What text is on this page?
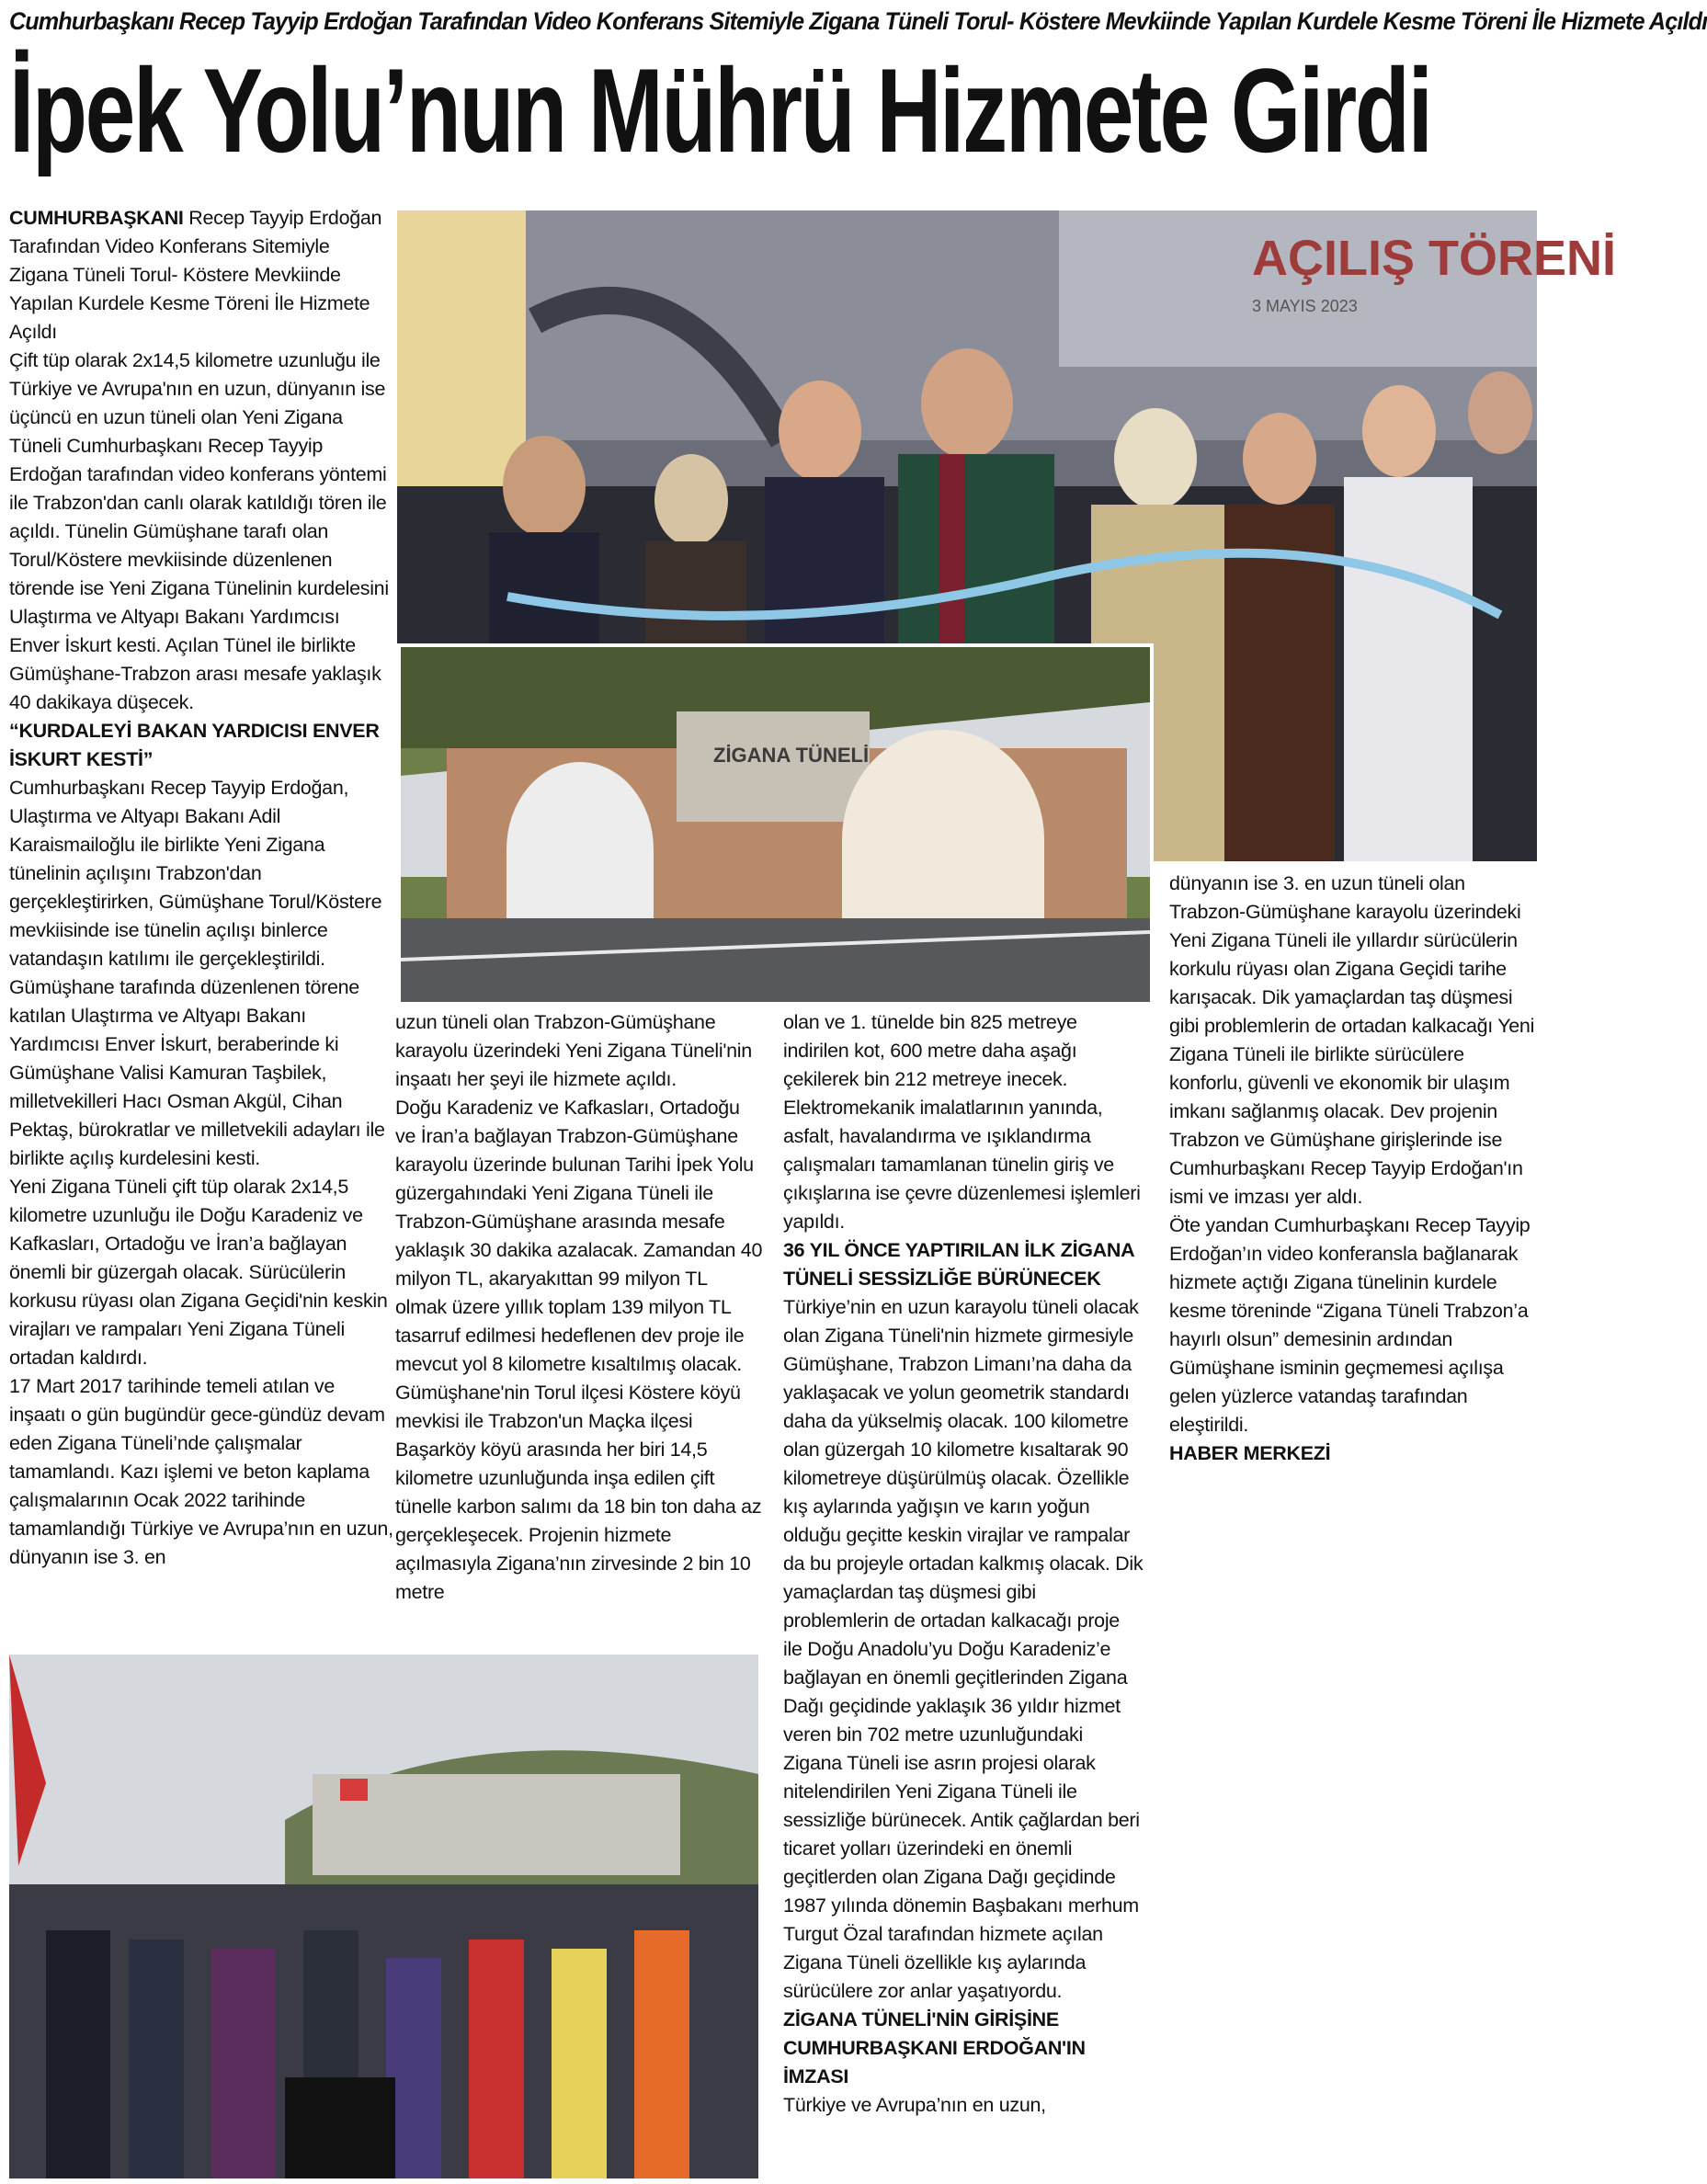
Cumhurbaşkanı Recep Tayyip Erdoğan Tarafından Video Konferans Sitemiyle Zigana Tüneli Torul- Köstere Mevkiinde Yapılan Kurdele Kesme Töreni İle Hizmete Açıldı
İpek Yolu’nun Mührü Hizmete Girdi

CUMHURBAŞKANI Recep Tayyip Erdoğan Tarafından Video Konferans Sitemiyle Zigana Tüneli Torul- Köstere Mevkiinde Yapılan Kurdele Kesme Töreni İle Hizmete Açıldı

Çift tüp olarak 2x14,5 kilometre uzunluğu ile Türkiye ve Avrupa'nın en uzun, dünyanın ise üçüncü en uzun tüneli olan Yeni Zigana Tüneli Cumhurbaşkanı Recep Tayyip Erdoğan tarafından video konferans yöntemi ile Trabzon'dan canlı olarak katıldığı tören ile açıldı. Tünelin Gümüşhane tarafı olan Torul/Köstere mevkiisinde düzenlenen törende ise Yeni Zigana Tünelinin kurdelesini Ulaştırma ve Altyapı Bakanı Yardımcısı Enver İskurt kesti. Açılan Tünel ile birlikte Gümüşhane-Trabzon arası mesafe yaklaşık 40 dakikaya düşecek.

“KURDALEYİ BAKAN YARDICISI ENVER İSKURT KESTİ”

Cumhurbaşkanı Recep Tayyip Erdoğan, Ulaştırma ve Altyapı Bakanı Adil Karaismailoğlu ile birlikte Yeni Zigana tünelinin açılışını Trabzon'dan gerçekleştirirken, Gümüşhane Torul/Köstere mevkiisinde ise tünelin açılışı binlerce vatandaşın katılımı ile gerçekleştirildi. Gümüşhane tarafında düzenlenen törene katılan Ulaştırma ve Altyapı Bakanı Yardımcısı Enver İskurt, beraberinde ki Gümüşhane Valisi Kamuran Taşbilek, milletvekilleri Hacı Osman Akgül, Cihan Pektaş, bürokratlar ve milletvekili adayları ile birlikte açılış kurdelesini kesti.

Yeni Zigana Tüneli çift tüp olarak 2x14,5 kilometre uzunluğu ile Doğu Karadeniz ve Kafkasları, Ortadoğu ve İran’a bağlayan önemli bir güzergah olacak. Sürücülerin korkusu rüyası olan Zigana Geçidi'nin keskin virajları ve rampaları Yeni Zigana Tüneli ortadan kaldırdı.

17 Mart 2017 tarihinde temeli atılan ve inşaatı o gün bugündür gece-gündüz devam eden Zigana Tüneli’nde çalışmalar tamamlandı. Kazı işlemi ve beton kaplama çalışmalarının Ocak 2022 tarihinde tamamlandığı Türkiye ve Avrupa’nın en uzun, dünyanın ise 3. en

uzun tüneli olan Trabzon-Gümüşhane karayolu üzerindeki Yeni Zigana Tüneli'nin inşaatı her şeyi ile hizmete açıldı.

Doğu Karadeniz ve Kafkasları, Ortadoğu ve İran’a bağlayan Trabzon-Gümüşhane karayolu üzerinde bulunan Tarihi İpek Yolu güzergahındaki Yeni Zigana Tüneli ile Trabzon-Gümüşhane arasında mesafe yaklaşık 30 dakika azalacak. Zamandan 40 milyon TL, akaryakıttan 99 milyon TL olmak üzere yıllık toplam 139 milyon TL tasarruf edilmesi hedeflenen dev proje ile mevcut yol 8 kilometre kısaltılmış olacak. Gümüşhane'nin Torul ilçesi Köstere köyü mevkisi ile Trabzon'un Maçka ilçesi Başarköy köyü arasında her biri 14,5 kilometre uzunluğunda inşa edilen çift tünelle karbon salımı da 18 bin ton daha az gerçekleşecek. Projenin hizmete açılmasıyla Zigana’nın zirvesinde 2 bin 10 metre

olan ve 1. tünelde bin 825 metreye indirilen kot, 600 metre daha aşağı çekilerek bin 212 metreye inecek. Elektromekanik imalatlarının yanında, asfalt, havalandırma ve ışıklandırma çalışmaları tamamlanan tünelin giriş ve çıkışlarına ise çevre düzenlemesi işlemleri yapıldı.

36 YIL ÖNCE YAPTIRILAN İLK ZİGANA TÜNELİ SESSİZLİĞE BÜRÜNECEK

Türkiye’nin en uzun karayolu tüneli olacak olan Zigana Tüneli'nin hizmete girmesiyle Gümüşhane, Trabzon Limanı’na daha da yaklaşacak ve yolun geometrik standardı daha da yükselmiş olacak. 100 kilometre olan güzergah 10 kilometre kısaltarak 90 kilometreye düşürülmüş olacak. Özellikle kış aylarında yağışın ve karın yoğun olduğu geçitte keskin virajlar ve rampalar da bu projeyle ortadan kalkmış olacak. Dik yamaçlardan taş düşmesi gibi problemlerin de ortadan kalkacağı proje ile Doğu Anadolu’yu Doğu Karadeniz’e bağlayan en önemli geçitlerinden Zigana Dağı geçidinde yaklaşık 36 yıldır hizmet veren bin 702 metre uzunluğundaki Zigana Tüneli ise asrın projesi olarak nitelendirilen Yeni Zigana Tüneli ile sessizliğe bürünecek. Antik çağlardan beri ticaret yolları üzerindeki en önemli geçitlerden olan Zigana Dağı geçidinde 1987 yılında dönemin Başbakanı merhum Turgut Özal tarafından hizmete açılan Zigana Tüneli özellikle kış aylarında sürücülere zor anlar yaşatıyordu.

ZİGANA TÜNELİ'NİN GİRİŞİNE CUMHURBAŞKANI ERDOĞAN'IN İMZASI

Türkiye ve Avrupa’nın en uzun,

dünyanın ise 3. en uzun tüneli olan Trabzon-Gümüşhane karayolu üzerindeki Yeni Zigana Tüneli ile yıllardır sürücülerin korkulu rüyası olan Zigana Geçidi tarihe karışacak. Dik yamaçlardan taş düşmesi gibi problemlerin de ortadan kalkacağı Yeni Zigana Tüneli ile birlikte sürücülere konforlu, güvenli ve ekonomik bir ulaşım imkanı sağlanmış olacak. Dev projenin Trabzon ve Gümüşhane girişlerinde ise Cumhurbaşkanı Recep Tayyip Erdoğan'ın ismi ve imzası yer aldı.

Öte yandan Cumhurbaşkanı Recep Tayyip Erdoğan’ın video konferansla bağlanarak hizmete açtığı Zigana tünelinin kurdele kesme töreninde “Zigana Tüneli Trabzon’a hayırlı olsun” demesinin ardından Gümüşhane isminin geçmemesi açılışa gelen yüzlerce vatandaş tarafından eleştirildi.

HABER MERKEZİ

AÇILIŞ TÖRENİ
3 MAYIS 2023
ZİGANA TÜNELİ
